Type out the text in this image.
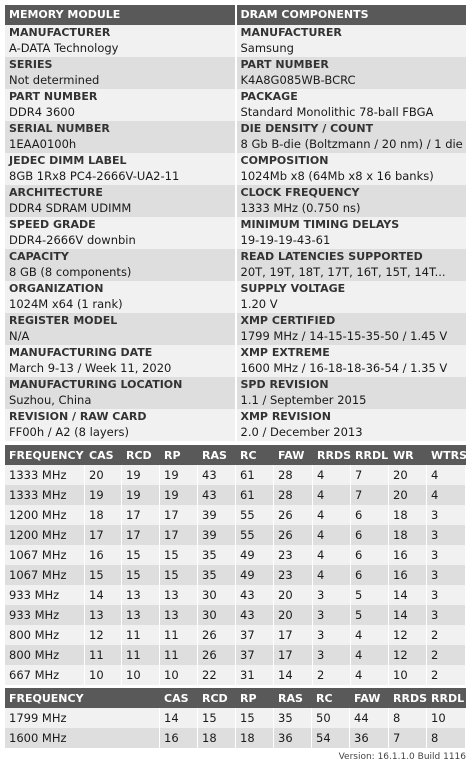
MEMORY MODULE
MANUFACTURER
A-DATA Technology
SERIES
Not determined
PART NUMBER
DDR4 3600
SERIAL NUMBER
1EAA0100h
JEDEC DIMM LABEL
8GB 1Rx8 PC4-2666V-UA2-11
ARCHITECTURE
DDR4 SDRAM UDIMM
SPEED GRADE
DDR4-2666V downbin
CAPACITY
8 GB (8 components)
ORGANIZATION
1024M x64 (1 rank)
REGISTER MODEL
N/A
MANUFACTURING DATE
March 9-13 / Week 11, 2020
MANUFACTURING LOCATION
Suzhou, China
REVISION / RAW CARD
FF00h / A2 (8 layers)
DRAM COMPONENTS
MANUFACTURER
Samsung
PART NUMBER
K4A8G085WB-BCRC
PACKAGE
Standard Monolithic 78-ball FBGA
DIE DENSITY / COUNT
8 Gb B-die (Boltzmann / 20 nm) / 1 die
COMPOSITION
1024Mb x8 (64Mb x8 x 16 banks)
CLOCK FREQUENCY
1333 MHz (0.750 ns)
MINIMUM TIMING DELAYS
19-19-19-43-61
READ LATENCIES SUPPORTED
20T, 19T, 18T, 17T, 16T, 15T, 14T...
SUPPLY VOLTAGE
1.20 V
XMP CERTIFIED
1799 MHz / 14-15-15-35-50 / 1.45 V
XMP EXTREME
1600 MHz / 16-18-18-36-54 / 1.35 V
SPD REVISION
1.1 / September 2015
XMP REVISION
2.0 / December 2013
FREQUENCY	CAS	RCD	RP	RAS	RC	FAW	RRDS	RRDL	WR	WTRS
1333 MHz	20	19	19	43	61	28	4	7	20	4
1333 MHz	19	19	19	43	61	28	4	7	20	4
1200 MHz	18	17	17	39	55	26	4	6	18	3
1200 MHz	17	17	17	39	55	26	4	6	18	3
1067 MHz	16	15	15	35	49	23	4	6	16	3
1067 MHz	15	15	15	35	49	23	4	6	16	3
933 MHz	14	13	13	30	43	20	3	5	14	3
933 MHz	13	13	13	30	43	20	3	5	14	3
800 MHz	12	11	11	26	37	17	3	4	12	2
800 MHz	11	11	11	26	37	17	3	4	12	2
667 MHz	10	10	10	22	31	14	2	4	10	2
FREQUENCY	CAS	RCD	RP	RAS	RC	FAW	RRDS	RRDL
1799 MHz	14	15	15	35	50	44	8	10
1600 MHz	16	18	18	36	54	36	7	8
Version: 16.1.1.0 Build 1116
